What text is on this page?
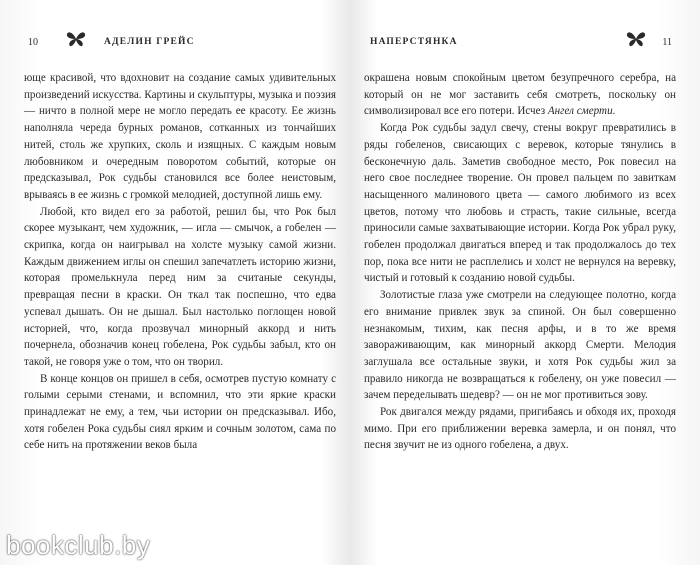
10	АДЕЛИН ГРЕЙС

юще красивой, что вдохновит на создание самых удивительных произведений искусства. Картины и скульптуры, музыка и поэзия — ничто в полной мере не могло передать ее красоту. Ее жизнь наполняла череда бурных романов, сотканных из тончайших нитей, столь же хрупких, сколь и изящных. С каждым новым любовником и очередным поворотом событий, которые он предсказывал, Рок судьбы становился все более неистовым, врываясь в ее жизнь с громкой мелодией, доступной лишь ему.

Любой, кто видел его за работой, решил бы, что Рок был скорее музыкант, чем художник, — игла — смычок, а гобелен — скрипка, когда он наигрывал на холсте музыку самой жизни. Каждым движением иглы он спешил запечатлеть историю жизни, которая промелькнула перед ним за считаные секунды, превращая песни в краски. Он ткал так поспешно, что едва успевал дышать. Он не дышал. Был настолько поглощен новой историей, что, когда прозвучал минорный аккорд и нить почернела, обозначив конец гобелена, Рок судьбы забыл, кто он такой, не говоря уже о том, что он творил.

В конце концов он пришел в себя, осмотрев пустую комнату с голыми серыми стенами, и вспомнил, что эти яркие краски принадлежат не ему, а тем, чьи истории он предсказывал. Ибо, хотя гобелен Рока судьбы сиял ярким и сочным золотом, сама по себе нить на протяжении веков была

НАПЕРСТЯНКА	11

окрашена новым спокойным цветом безупречного серебра, на который он не мог заставить себя смотреть, поскольку он символизировал все его потери. Исчез Ангел смерти.

Когда Рок судьбы задул свечу, стены вокруг превратились в ряды гобеленов, свисающих с веревок, которые тянулись в бесконечную даль. Заметив свободное место, Рок повесил на него свое последнее творение. Он провел пальцем по завиткам насыщенного малинового цвета — самого любимого из всех цветов, потому что любовь и страсть, такие сильные, всегда приносили самые захватывающие истории. Когда Рок убрал руку, гобелен продолжал двигаться вперед и так продолжалось до тех пор, пока все нити не расплелись и холст не вернулся на веревку, чистый и готовый к созданию новой судьбы.

Золотистые глаза уже смотрели на следующее полотно, когда его внимание привлек звук за спиной. Он был совершенно незнакомым, тихим, как песня арфы, и в то же время завораживающим, как минорный аккорд Смерти. Мелодия заглушала все остальные звуки, и хотя Рок судьбы жил за правило никогда не возвращаться к гобелену, он уже повесил — зачем переделывать шедевр? — он не мог противиться зову.

Рок двигался между рядами, пригибаясь и обходя их, проходя мимо. При его приближении веревка замерла, и он понял, что песня звучит не из одного гобелена, а двух.

bookclub.by
